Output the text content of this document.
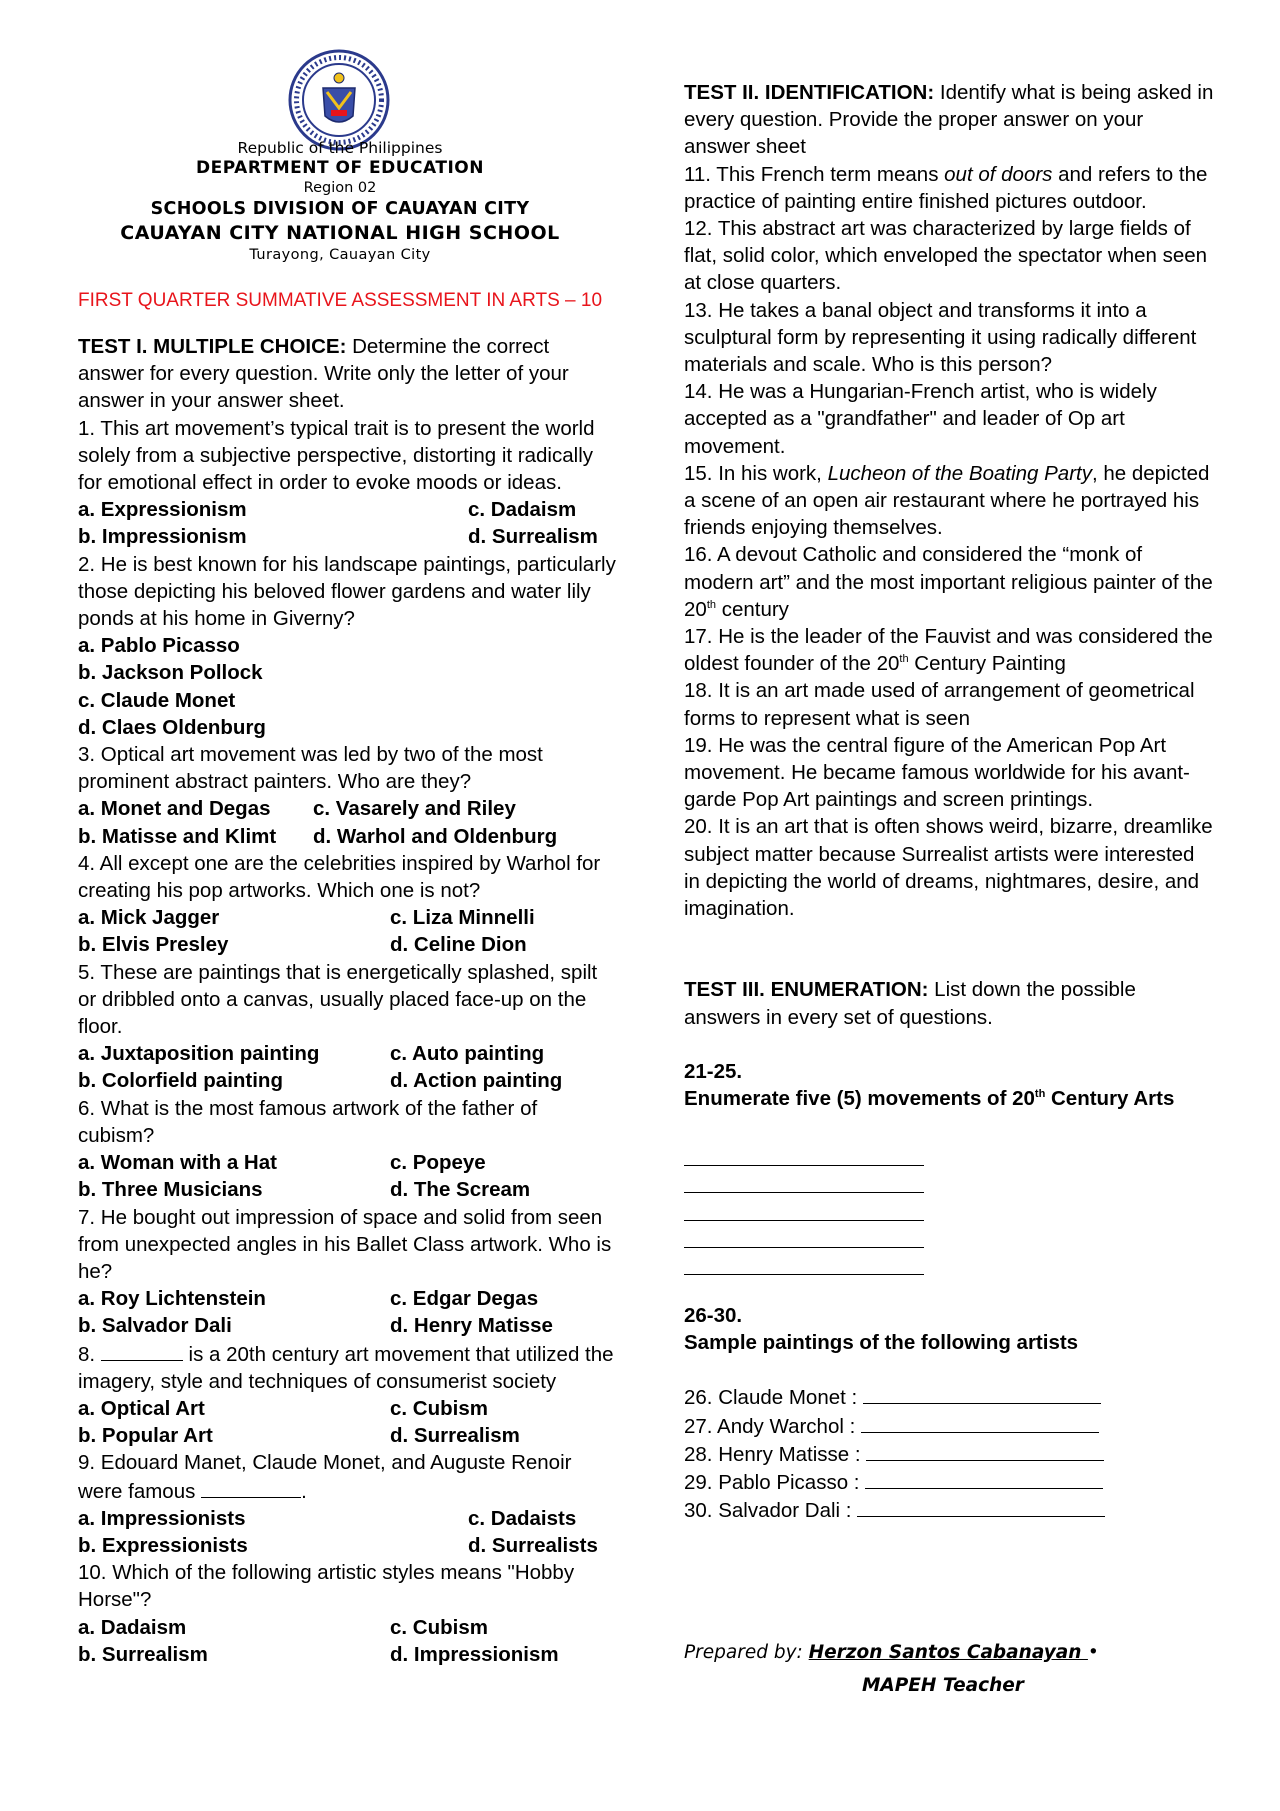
Republic of the Philippines
DEPARTMENT OF EDUCATION
Region 02
SCHOOLS DIVISION OF CAUAYAN CITY
CAUAYAN CITY NATIONAL HIGH SCHOOL
Turayong, Cauayan City
FIRST QUARTER SUMMATIVE ASSESSMENT IN ARTS – 10

TEST I. MULTIPLE CHOICE: Determine the correct answer for every question. Write only the letter of your answer in your answer sheet.

1. This art movement’s typical trait is to present the world solely from a subjective perspective, distorting it radically for emotional effect in order to evoke moods or ideas.

a. Expressionism	c. Dadaism
b. Impressionism	d. Surrealism

2. He is best known for his landscape paintings, particularly those depicting his beloved flower gardens and water lily ponds at his home in Giverny?

a. Pablo Picasso
b. Jackson Pollock
c. Claude Monet
d. Claes Oldenburg

3. Optical art movement was led by two of the most prominent abstract painters. Who are they?

a. Monet and Degas	c. Vasarely and Riley
b. Matisse and Klimt	d. Warhol and Oldenburg

4. All except one are the celebrities inspired by Warhol for creating his pop artworks. Which one is not?

a. Mick Jagger	c. Liza Minnelli
b. Elvis Presley	d. Celine Dion

5. These are paintings that is energetically splashed, spilt or dribbled onto a canvas, usually placed face-up on the floor.

a. Juxtaposition painting	c. Auto painting
b. Colorfield painting	d. Action painting

6. What is the most famous artwork of the father of cubism?

a. Woman with a Hat	c. Popeye
b. Three Musicians	d. The Scream

7. He bought out impression of space and solid from seen from unexpected angles in his Ballet Class artwork. Who is he?

a. Roy Lichtenstein	c. Edgar Degas
b. Salvador Dali	d. Henry Matisse

8.	is a 20th century art movement that utilized the imagery, style and techniques of consumerist society

a. Optical Art	c. Cubism
b. Popular Art	d. Surrealism

9. Edouard Manet, Claude Monet, and Auguste Renoir were famous	.

a. Impressionists	c. Dadaists
b. Expressionists	d. Surrealists

10. Which of the following artistic styles means "Hobby Horse"?

a. Dadaism	c. Cubism
b. Surrealism	d. Impressionism

TEST II. IDENTIFICATION: Identify what is being asked in every question. Provide the proper answer on your answer sheet

11. This French term means out of doors and refers to the practice of painting entire finished pictures outdoor.

12. This abstract art was characterized by large fields of flat, solid color, which enveloped the spectator when seen at close quarters.

13. He takes a banal object and transforms it into a sculptural form by representing it using radically different materials and scale. Who is this person?

14. He was a Hungarian-French artist, who is widely accepted as a "grandfather" and leader of Op art movement.

15. In his work, Lucheon of the Boating Party, he depicted a scene of an open air restaurant where he portrayed his friends enjoying themselves.

16. A devout Catholic and considered the “monk of modern art” and the most important religious painter of the 20th century

17. He is the leader of the Fauvist and was considered the oldest founder of the 20th Century Painting

18. It is an art made used of arrangement of geometrical forms to represent what is seen

19. He was the central figure of the American Pop Art movement. He became famous worldwide for his avant-garde Pop Art paintings and screen printings.

20. It is an art that is often shows weird, bizarre, dreamlike subject matter because Surrealist artists were interested in depicting the world of dreams, nightmares, desire, and imagination.

TEST III. ENUMERATION: List down the possible answers in every set of questions.

21-25.
Enumerate five (5) movements of 20th Century Arts
26-30.
Sample paintings of the following artists
26. Claude Monet :
27. Andy Warchol :
28. Henry Matisse :
29. Pablo Picasso :
30. Salvador Dali :
Prepared by: Herzon Santos Cabanayan •
MAPEH Teacher
